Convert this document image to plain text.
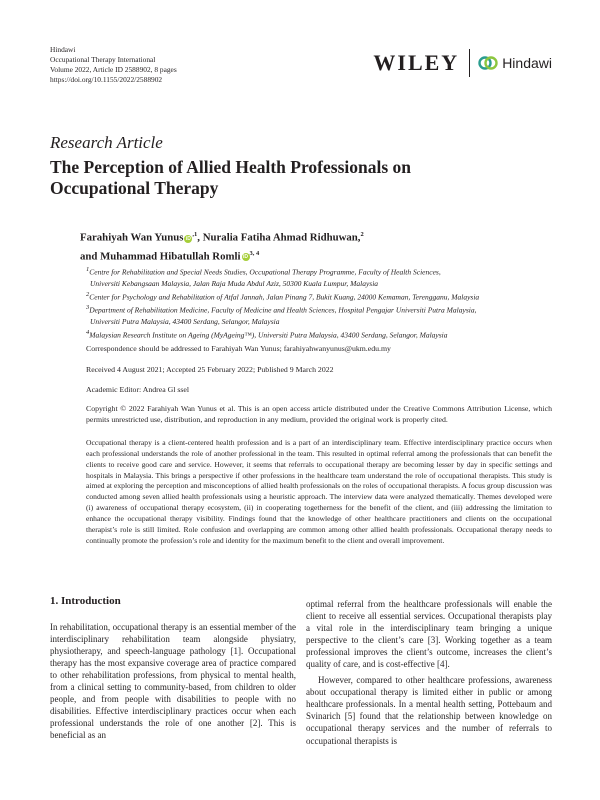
Hindawi
Occupational Therapy International
Volume 2022, Article ID 2588902, 8 pages
https://doi.org/10.1155/2022/2588902
WILEY	Hindawi
Research Article
The Perception of Allied Health Professionals on Occupational Therapy
Farahiyah Wan Yunus $iD^{,1}$, Nuralia Fatiha Ahmad Ridhuwan,$^2$
and Muhammad Hibatullah Romli iD$^{3, 4}$
$^1$Centre for Rehabilitation and Special Needs Studies, Occupational Therapy Programme, Faculty of Health Sciences,
Universiti Kebangsaan Malaysia, Jalan Raja Muda Abdul Aziz, 50300 Kuala Lumpur, Malaysia
$^2$Center for Psychology and Rehabilitation of Atfal Jannah, Jalan Pinang 7, Bukit Kuang, 24000 Kemaman, Terengganu, Malaysia
$^3$Department of Rehabilitation Medicine, Faculty of Medicine and Health Sciences, Hospital Pengajar Universiti Putra Malaysia,
Universiti Putra Malaysia, 43400 Serdang, Selangor, Malaysia
$^4$Malaysian Research Institute on Ageing (MyAgeing™), Universiti Putra Malaysia, 43400 Serdang, Selangor, Malaysia
Correspondence should be addressed to Farahiyah Wan Yunus; farahiyahwanyunus@ukm.edu.my
Received 4 August 2021; Accepted 25 February 2022; Published 9 March 2022
Academic Editor: Andrea Gl ssel
Copyright © 2022 Farahiyah Wan Yunus et al. This is an open access article distributed under the Creative Commons Attribution License, which permits unrestricted use, distribution, and reproduction in any medium, provided the original work is properly cited.
Occupational therapy is a client-centered health profession and is a part of an interdisciplinary team. Effective interdisciplinary practice occurs when each professional understands the role of another professional in the team. This resulted in optimal referral among the professionals that can benefit the clients to receive good care and service. However, it seems that referrals to occupational therapy are becoming lesser by day in specific settings and hospitals in Malaysia. This brings a perspective if other professions in the healthcare team understand the role of occupational therapists. This study is aimed at exploring the perception and misconceptions of allied health professionals on the roles of occupational therapists. A focus group discussion was conducted among seven allied health professionals using a heuristic approach. The interview data were analyzed thematically. Themes developed were (i) awareness of occupational therapy ecosystem, (ii) in cooperating togetherness for the benefit of the client, and (iii) addressing the limitation to enhance the occupational therapy visibility. Findings found that the knowledge of other healthcare practitioners and clients on the occupational therapist’s role is still limited. Role confusion and overlapping are common among other allied health professionals. Occupational therapy needs to continually promote the profession’s role and identity for the maximum benefit to the client and overall improvement.
1. Introduction

In rehabilitation, occupational therapy is an essential member of the interdisciplinary rehabilitation team alongside physiatry, physiotherapy, and speech-language pathology [1]. Occupational therapy has the most expansive coverage area of practice compared to other rehabilitation professions, from physical to mental health, from a clinical setting to community-based, from children to older people, and from people with disabilities to people with no disabilities. Effective interdisciplinary practices occur when each professional understands the role of one another [2]. This is beneficial as an

optimal referral from the healthcare professionals will enable the client to receive all essential services. Occupational therapists play a vital role in the interdisciplinary team bringing a unique perspective to the client’s care [3]. Working together as a team professional improves the client’s outcome, increases the client’s quality of care, and is cost-effective [4].

However, compared to other healthcare professions, awareness about occupational therapy is limited either in public or among healthcare professionals. In a mental health setting, Pottebaum and Svinarich [5] found that the relationship between knowledge on occupational therapy services and the number of referrals to occupational therapists is
